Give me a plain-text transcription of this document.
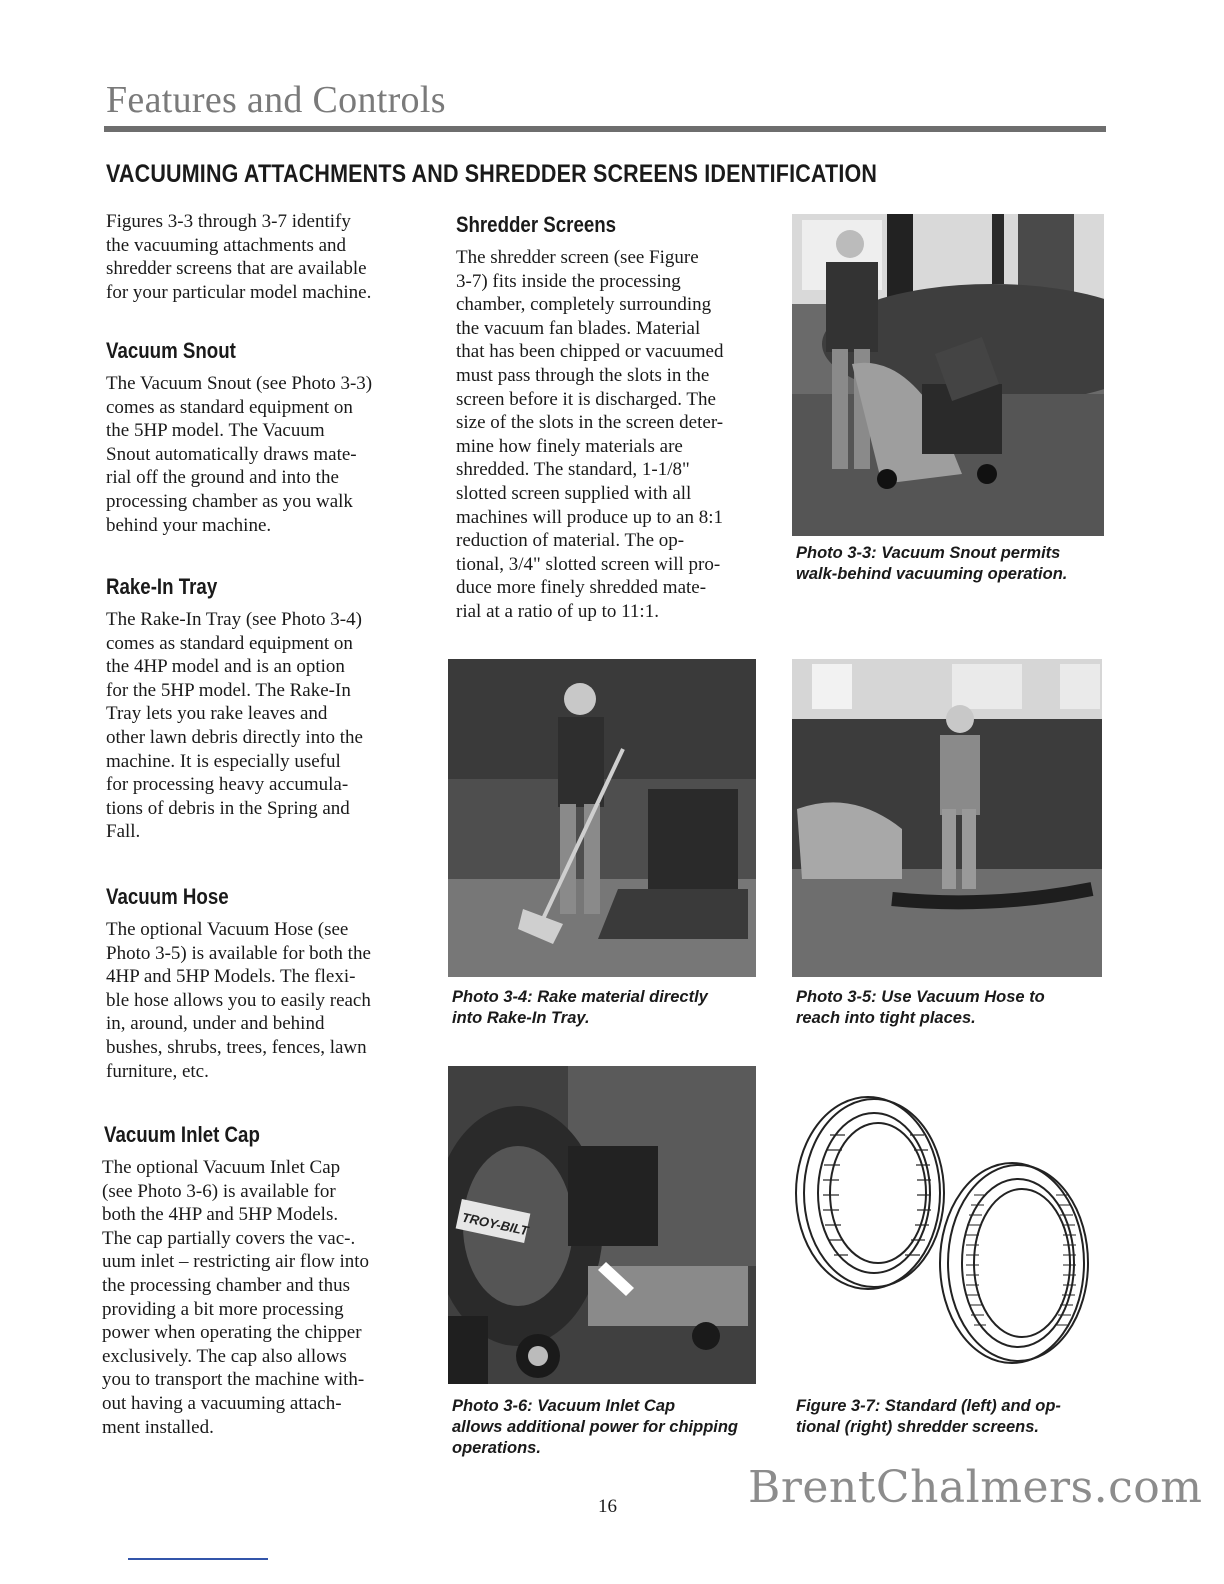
Features and Controls
VACUUMING ATTACHMENTS AND SHREDDER SCREENS IDENTIFICATION
Figures 3-3 through 3-7 identify
the vacuuming attachments and
shredder screens that are available
for your particular model machine.
Vacuum Snout
The Vacuum Snout (see Photo 3-3)
comes as standard equipment on
the 5HP model. The Vacuum
Snout automatically draws mate-
rial off the ground and into the
processing chamber as you walk
behind your machine.
Rake-In Tray
The Rake-In Tray (see Photo 3-4)
comes as standard equipment on
the 4HP model and is an option
for the 5HP model. The Rake-In
Tray lets you rake leaves and
other lawn debris directly into the
machine. It is especially useful
for processing heavy accumula-
tions of debris in the Spring and
Fall.
Vacuum Hose
The optional Vacuum Hose (see
Photo 3-5) is available for both the
4HP and 5HP Models. The flexi-
ble hose allows you to easily reach
in, around, under and behind
bushes, shrubs, trees, fences, lawn
furniture, etc.
Vacuum Inlet Cap
The optional Vacuum Inlet Cap
(see Photo 3-6) is available for
both the 4HP and 5HP Models.
The cap partially covers the vac-.
uum inlet – restricting air flow into
the processing chamber and thus
providing a bit more processing
power when operating the chipper
exclusively. The cap also allows
you to transport the machine with-
out having a vacuuming attach-
ment installed.
Shredder Screens
The shredder screen (see Figure
3-7) fits inside the processing
chamber, completely surrounding
the vacuum fan blades. Material
that has been chipped or vacuumed
must pass through the slots in the
screen before it is discharged. The
size of the slots in the screen deter-
mine how finely materials are
shredded. The standard, 1-1/8"
slotted screen supplied with all
machines will produce up to an 8:1
reduction of material. The op-
tional, 3/4" slotted screen will pro-
duce more finely shredded mate-
rial at a ratio of up to 11:1.
Photo 3-3: Vacuum Snout permits
walk-behind vacuuming operation.
Photo 3-4: Rake material directly
into Rake-In Tray.
Photo 3-5: Use Vacuum Hose to
reach into tight places.
TROY-BILT
Photo 3-6: Vacuum Inlet Cap
allows additional power for chipping
operations.
Figure 3-7: Standard (left) and op-
tional (right) shredder screens.
16	BrentChalmers.com
